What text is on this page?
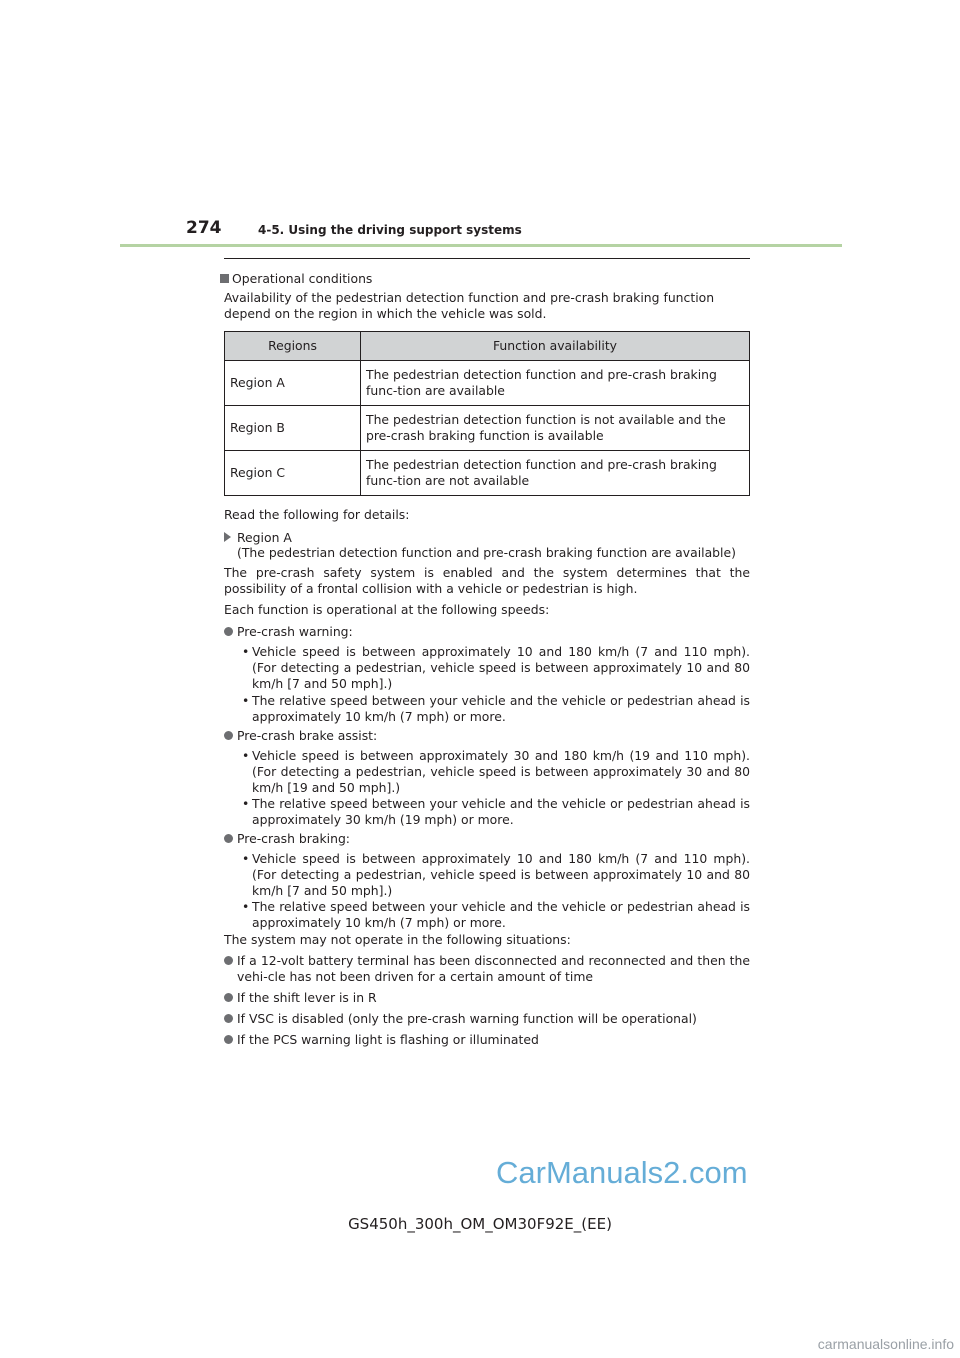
274	4-5. Using the driving support systems
Operational conditions
Availability of the pedestrian detection function and pre-crash braking function depend on the region in which the vehicle was sold.
Regions	Function availability
Region A	The pedestrian detection function and pre-crash braking func-tion are available
Region B	The pedestrian detection function is not available and the pre-crash braking function is available
Region C	The pedestrian detection function and pre-crash braking func-tion are not available
Read the following for details:
Region A
(The pedestrian detection function and pre-crash braking function are available)
The pre-crash safety system is enabled and the system determines that the possibility of a frontal collision with a vehicle or pedestrian is high.
Each function is operational at the following speeds:
Pre-crash warning:
• Vehicle speed is between approximately 10 and 180 km/h (7 and 110 mph). (For detecting a pedestrian, vehicle speed is between approximately 10 and 80 km/h [7 and 50 mph].)
• The relative speed between your vehicle and the vehicle or pedestrian ahead is approximately 10 km/h (7 mph) or more.
Pre-crash brake assist:
• Vehicle speed is between approximately 30 and 180 km/h (19 and 110 mph). (For detecting a pedestrian, vehicle speed is between approximately 30 and 80 km/h [19 and 50 mph].)
• The relative speed between your vehicle and the vehicle or pedestrian ahead is approximately 30 km/h (19 mph) or more.
Pre-crash braking:
• Vehicle speed is between approximately 10 and 180 km/h (7 and 110 mph). (For detecting a pedestrian, vehicle speed is between approximately 10 and 80 km/h [7 and 50 mph].)
• The relative speed between your vehicle and the vehicle or pedestrian ahead is approximately 10 km/h (7 mph) or more.
The system may not operate in the following situations:
If a 12-volt battery terminal has been disconnected and reconnected and then the vehi-cle has not been driven for a certain amount of time
If the shift lever is in R
If VSC is disabled (only the pre-crash warning function will be operational)
If the PCS warning light is flashing or illuminated
CarManuals2.com
GS450h_300h_OM_OM30F92E_(EE)
carmanualsonline.info
